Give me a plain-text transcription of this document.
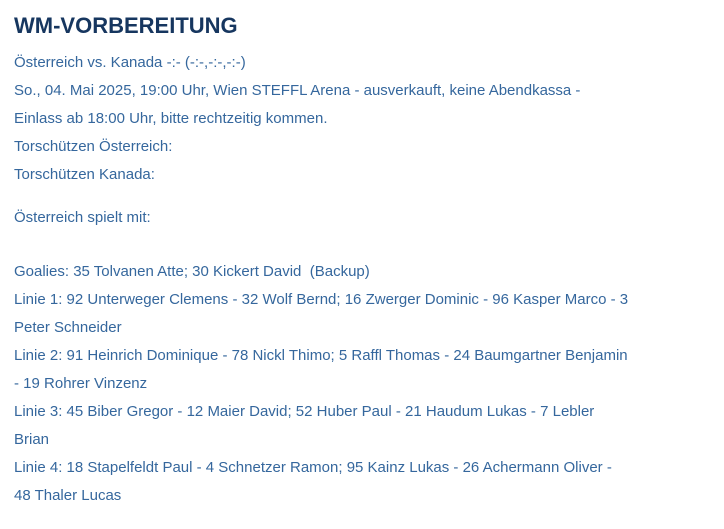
WM-VORBEREITUNG
Österreich vs. Kanada -:- (-:-,-:-,-:-)
So., 04. Mai 2025, 19:00 Uhr, Wien STEFFL Arena - ausverkauft, keine Abendkassa -
Einlass ab 18:00 Uhr, bitte rechtzeitig kommen.
Torschützen Österreich:
Torschützen Kanada:
Österreich spielt mit:
Goalies: 35 Tolvanen Atte; 30 Kickert David  (Backup)
Linie 1: 92 Unterweger Clemens - 32 Wolf Bernd; 16 Zwerger Dominic - 96 Kasper Marco - 3
Peter Schneider
Linie 2: 91 Heinrich Dominique - 78 Nickl Thimo; 5 Raffl Thomas - 24 Baumgartner Benjamin
- 19 Rohrer Vinzenz
Linie 3: 45 Biber Gregor - 12 Maier David; 52 Huber Paul - 21 Haudum Lukas - 7 Lebler
Brian
Linie 4: 18 Stapelfeldt Paul - 4 Schnetzer Ramon; 95 Kainz Lukas - 26 Achermann Oliver -
48 Thaler Lucas
